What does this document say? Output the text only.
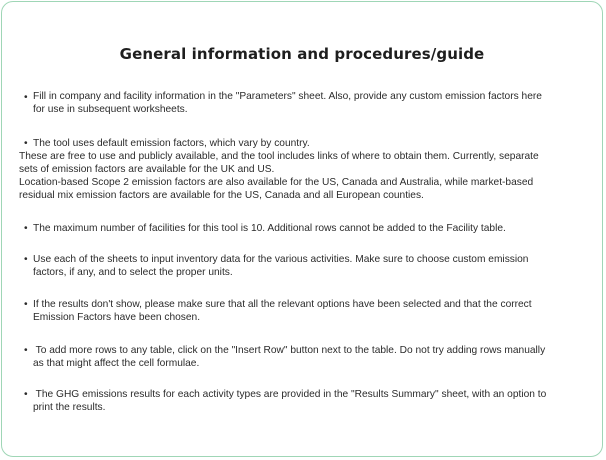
General information and procedures/guide
• Fill in company and facility information in the "Parameters" sheet. Also, provide any custom emission factors here
for use in subsequent worksheets.
• The tool uses default emission factors, which vary by country.
These are free to use and publicly available, and the tool includes links of where to obtain them. Currently, separate
sets of emission factors are available for the UK and US.
Location-based Scope 2 emission factors are also available for the US, Canada and Australia, while market-based
residual mix emission factors are available for the US, Canada and all European counties.
• The maximum number of facilities for this tool is 10. Additional rows cannot be added to the Facility table.
• Use each of the sheets to input inventory data for the various activities. Make sure to choose custom emission
factors, if any, and to select the proper units.
• If the results don't show, please make sure that all the relevant options have been selected and that the correct
Emission Factors have been chosen.
• To add more rows to any table, click on the "Insert Row" button next to the table. Do not try adding rows manually
as that might affect the cell formulae.
• The GHG emissions results for each activity types are provided in the "Results Summary" sheet, with an option to
print the results.
